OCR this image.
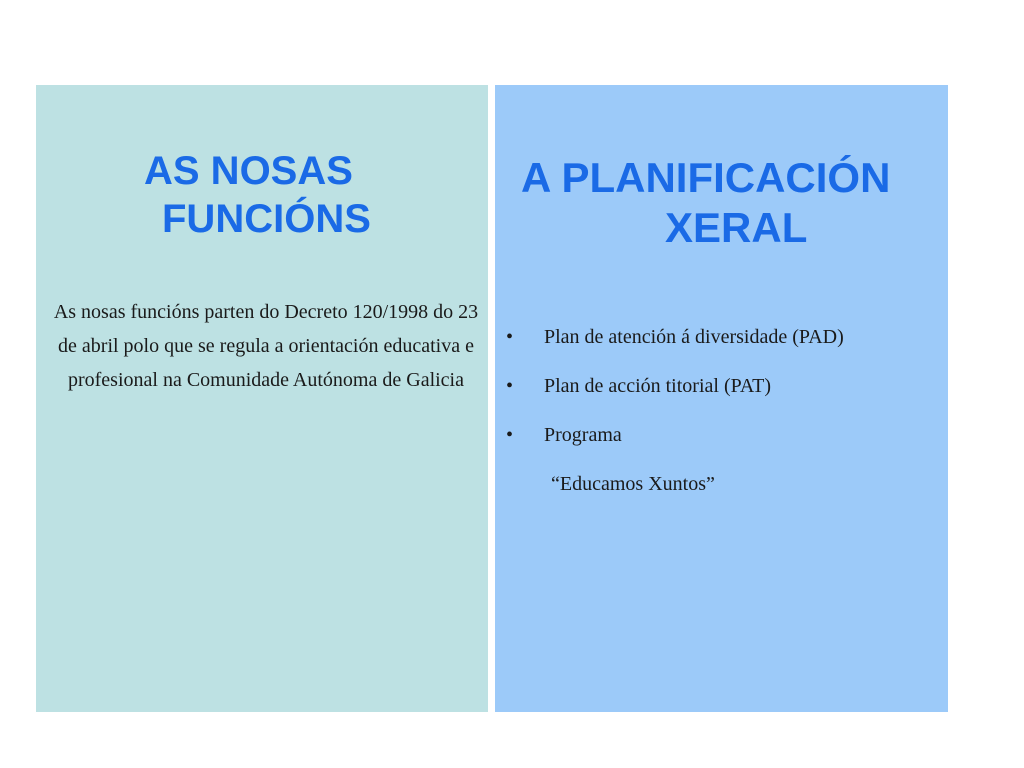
AS NOSAS
FUNCIÓNS

As nosas funcións parten do Decreto 120/1998 do 23 de abril polo que se regula a orientación educativa e profesional na Comunidade Autónoma de Galicia

A PLANIFICACIÓN
XERAL
• Plan de atención á diversidade (PAD)
• Plan de acción titorial (PAT)
• Programa
“Educamos Xuntos”
